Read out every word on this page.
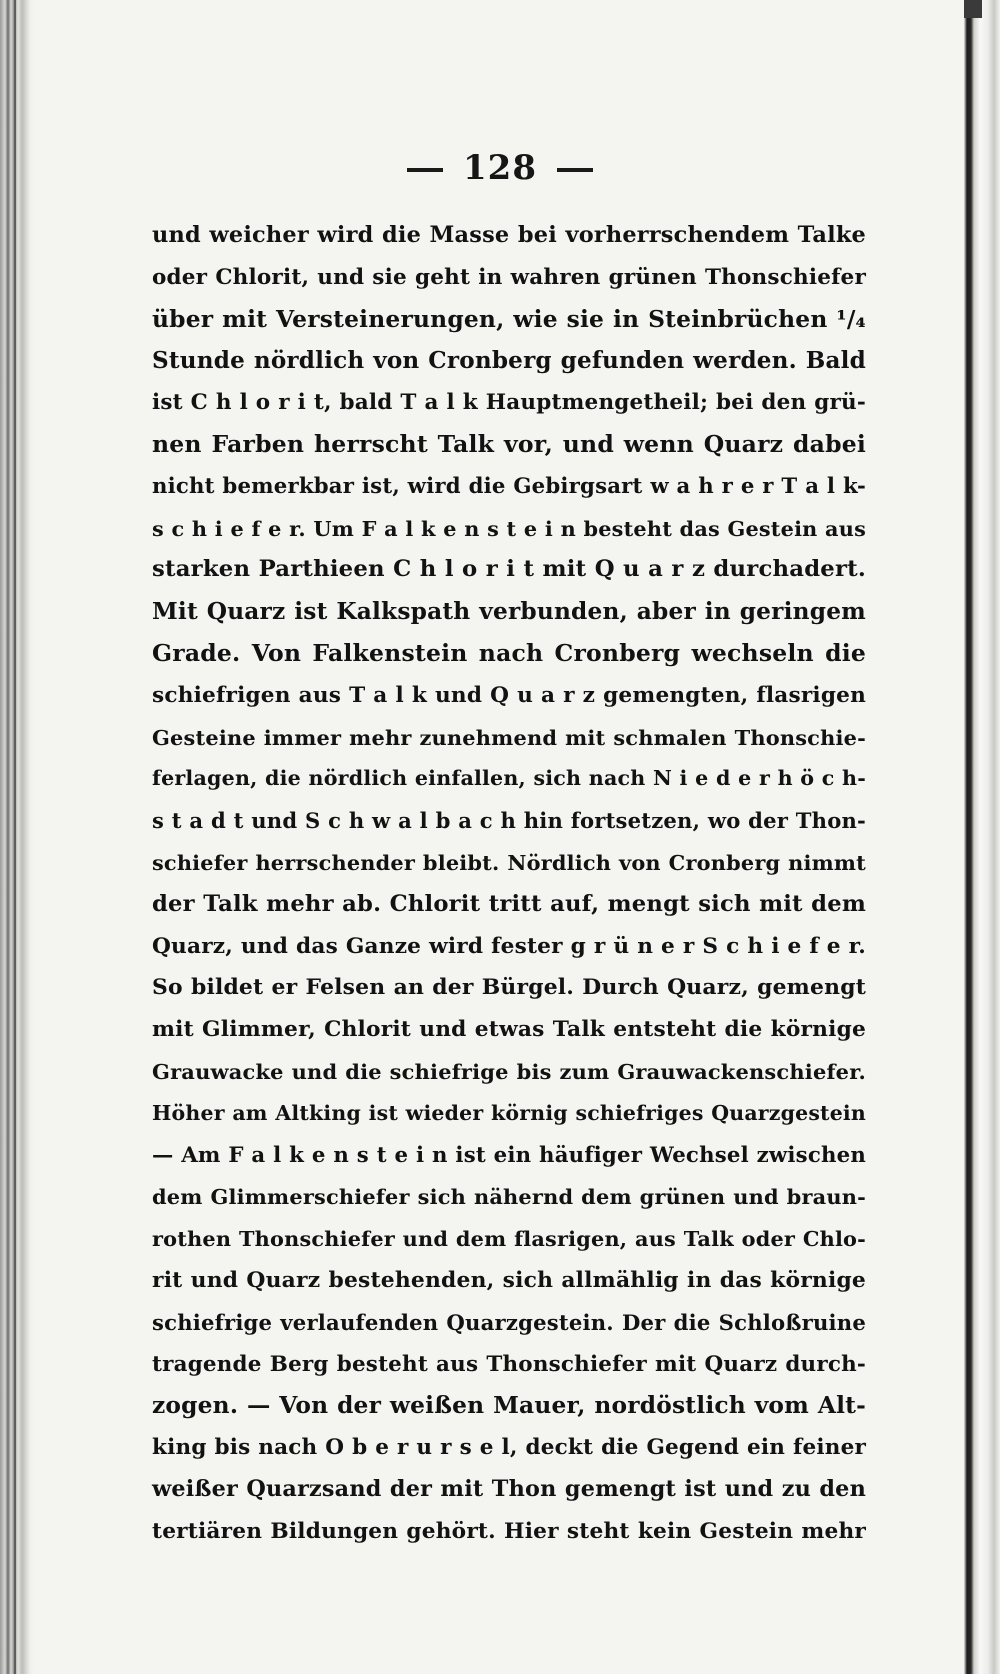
128
und weicher wird die Masse bei vorherrschendem Talke
oder Chlorit, und sie geht in wahren grünen Thonschiefer
über mit Versteinerungen, wie sie in Steinbrüchen ¹/₄
Stunde nördlich von Cronberg gefunden werden. Bald
ist C h l o r i t, bald T a l k Hauptmengetheil; bei den grü-
nen Farben herrscht Talk vor, und wenn Quarz dabei
nicht bemerkbar ist, wird die Gebirgsart w a h r e r T a l k-
s c h i e f e r. Um F a l k e n s t e i n besteht das Gestein aus
starken Parthieen C h l o r i t mit Q u a r z durchadert.
Mit Quarz ist Kalkspath verbunden, aber in geringem
Grade. Von Falkenstein nach Cronberg wechseln die
schiefrigen aus T a l k und Q u a r z gemengten, flasrigen
Gesteine immer mehr zunehmend mit schmalen Thonschie-
ferlagen, die nördlich einfallen, sich nach N i e d e r h ö c h-
s t a d t und S c h w a l b a c h hin fortsetzen, wo der Thon-
schiefer herrschender bleibt. Nördlich von Cronberg nimmt
der Talk mehr ab. Chlorit tritt auf, mengt sich mit dem
Quarz, und das Ganze wird fester g r ü n e r S c h i e f e r.
So bildet er Felsen an der Bürgel. Durch Quarz, gemengt
mit Glimmer, Chlorit und etwas Talk entsteht die körnige
Grauwacke und die schiefrige bis zum Grauwackenschiefer.
Höher am Altking ist wieder körnig schiefriges Quarzgestein
— Am F a l k e n s t e i n ist ein häufiger Wechsel zwischen
dem Glimmerschiefer sich nähernd dem grünen und braun-
rothen Thonschiefer und dem flasrigen, aus Talk oder Chlo-
rit und Quarz bestehenden, sich allmählig in das körnige
schiefrige verlaufenden Quarzgestein. Der die Schloßruine
tragende Berg besteht aus Thonschiefer mit Quarz durch-
zogen. — Von der weißen Mauer, nordöstlich vom Alt-
king bis nach O b e r u r s e l, deckt die Gegend ein feiner
weißer Quarzsand der mit Thon gemengt ist und zu den
tertiären Bildungen gehört. Hier steht kein Gestein mehr
